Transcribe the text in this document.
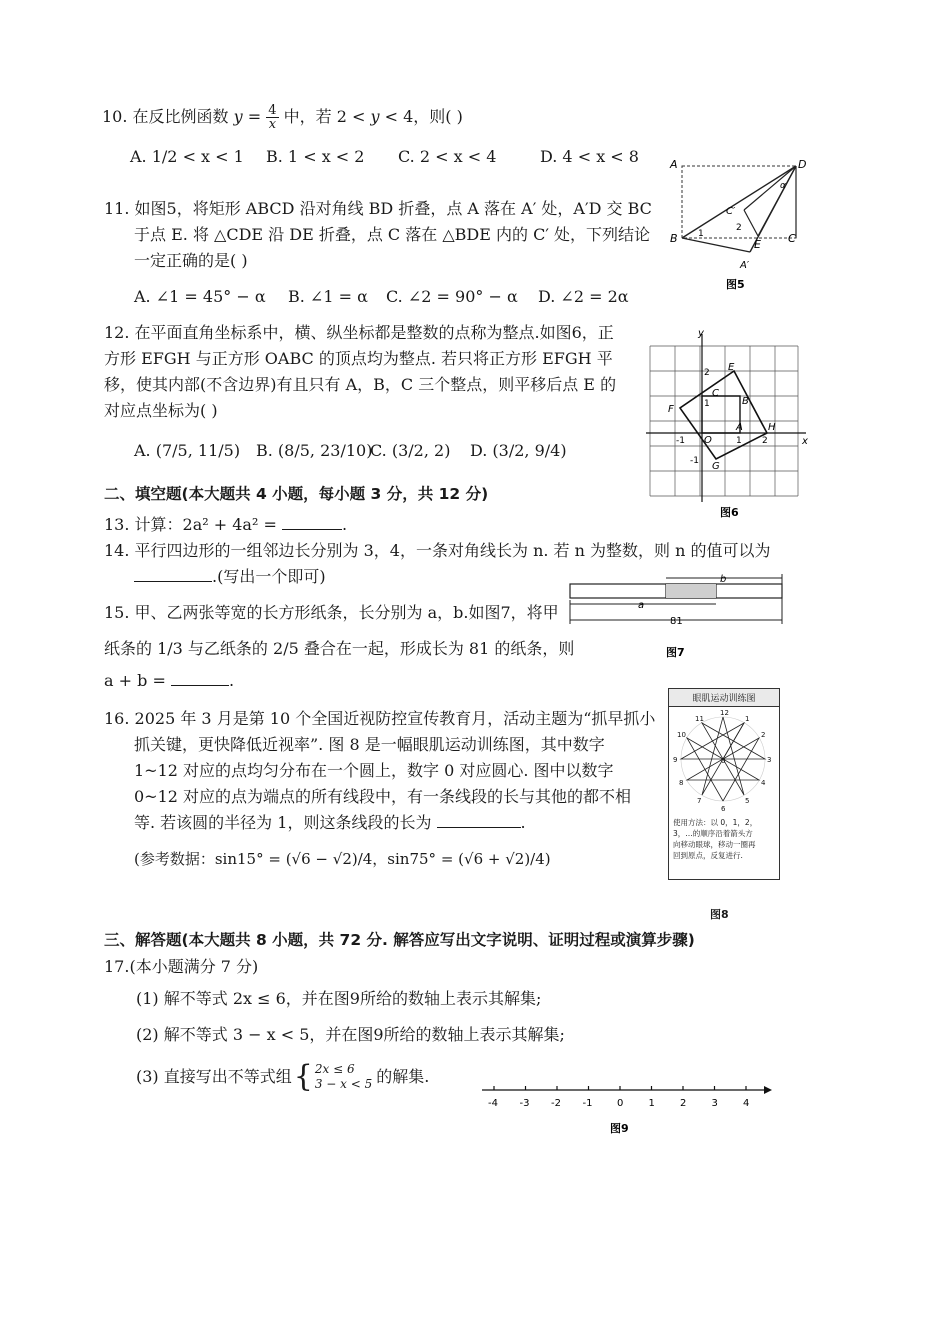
10. 在反比例函数 $y = \frac{4}{x}$ 中，若 2 < y < 4，则( )
A. 1/2 < x < 1 B. 1 < x < 2 C. 2 < x < 4	D. 4 < x < 8
11. 如图5，将矩形 ABCD 沿对角线 BD 折叠，点 A 落在 A′ 处，A′D 交 BC
于点 E. 将 △CDE 沿 DE 折叠，点 C 落在 △BDE 内的 C′ 处，下列结论
一定正确的是( )
A. ∠1 = 45° − α B. ∠1 = α C. ∠2 = 90° − α D. ∠2 = 2α
A	D
α
C′
2
1
B	E C
A′
图5
12. 在平面直角坐标系中，横、纵坐标都是整数的点称为整点.如图6，正
方形 EFGH 与正方形 OABC 的顶点均为整点. 若只将正方形 EFGH 平
移，使其内部(不含边界)有且只有 A，B，C 三个整点，则平移后点 E 的
对应点坐标为( )
A. (7/5, 11/5) B. (8/5, 23/10)
C. (3/2, 2) D. (3/2, 9/4)
y
x
2
1
-1	1 2
-1
E
F
C
B
O
A	H
G
图6
二、填空题(本大题共 4 小题，每小题 3 分，共 12 分)
13. 计算：2a² + 4a² =	.
14. 平行四边形的一组邻边长分别为 3，4，一条对角线长为 n. 若 n 为整数，则 n 的值可以为
.(写出一个即可)
15. 甲、乙两张等宽的长方形纸条，长分别为 a，b.如图7，将甲
纸条的 1/3 与乙纸条的 2/5 叠合在一起，形成长为 81 的纸条，则
a + b =	.
b
a
81
图7
16. 2025 年 3 月是第 10 个全国近视防控宣传教育月，活动主题为“抓早抓小
抓关键，更快降低近视率”. 图 8 是一幅眼肌运动训练图，其中数字
1~12 对应的点均匀分布在一个圆上，数字 0 对应圆心. 图中以数字
0~12 对应的点为端点的所有线段中，有一条线段的长与其他的都不相
等. 若该圆的半径为 1，则这条线段的长为	.
(参考数据：sin15° = (√6 − √2)/4，sin75° = (√6 + √2)/4)
眼肌运动训练图
12
1
2
3
4
5
6
7
8
9
10
11
0
使用方法：以 0，1，2，
3，…的顺序沿着箭头方
向移动眼球，移动一圈再
回到原点，反复进行.
图8
三、解答题(本大题共 8 小题，共 72 分. 解答应写出文字说明、证明过程或演算步骤)
17.(本小题满分 7 分)
(1) 解不等式 2x ≤ 6，并在图9所给的数轴上表示其解集;
(2) 解不等式 3 − x < 5，并在图9所给的数轴上表示其解集;
(3) 直接写出不等式组 { 2x ≤ 6
3 − x < 5 的解集.
-4 -3 -2 -1 0	1	2	3	4
图9
